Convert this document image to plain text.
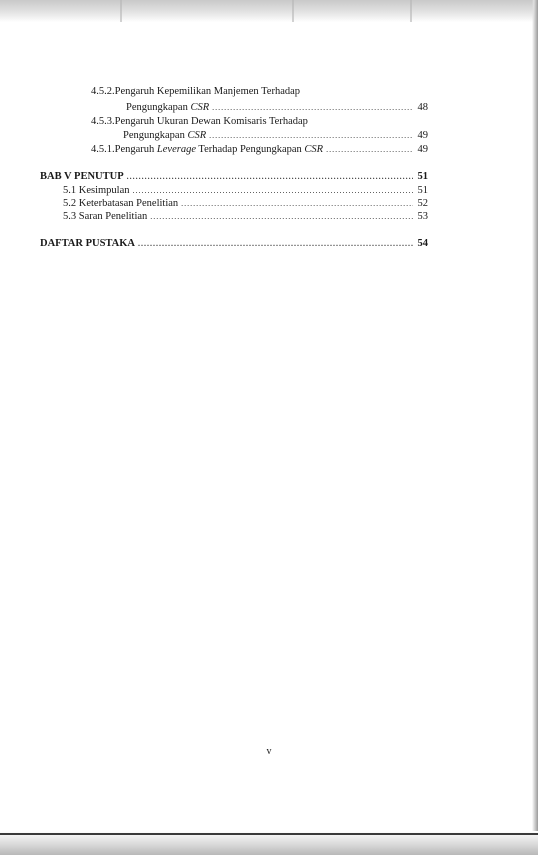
4.5.2.Pengaruh Kepemilikan Manjemen Terhadap
Pengungkapan CSR .....	48
4.5.3.Pengaruh Ukuran Dewan Komisaris Terhadap
Pengungkapan CSR .....	49
4.5.1.Pengaruh Leverage Terhadap Pengungkapan CSR .....	49
BAB V PENUTUP .....	51
5.1 Kesimpulan .....	51
5.2 Keterbatasan Penelitian .....	52
5.3 Saran Penelitian .....	53
DAFTAR PUSTAKA .....	54
v
